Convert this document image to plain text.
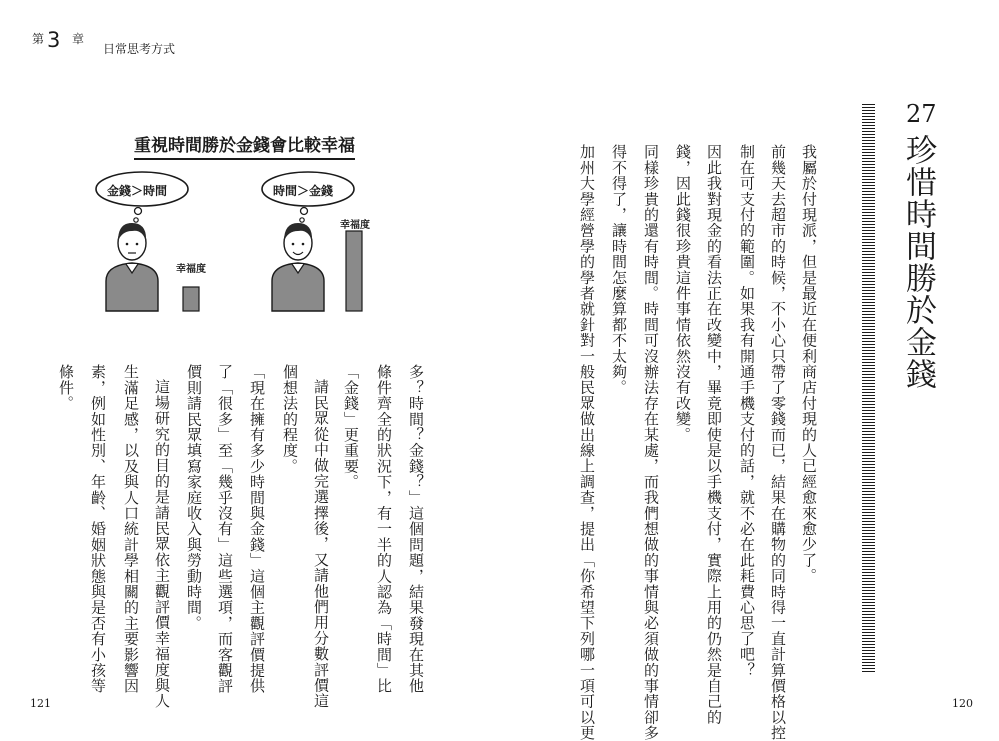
第 3 章
日常思考方式
27
珍惜時間勝於金錢
我屬於付現派，但是最近在便利商店付現的人已經愈來愈少了。
前幾天去超市的時候，不小心只帶了零錢而已，結果在購物的同時得一直計算價格以控
制在可支付的範圍。如果我有開通手機支付的話，就不必在此耗費心思了吧？
因此我對現金的看法正在改變中，畢竟即使是以手機支付，實際上用的仍然是自己的
錢，因此錢很珍貴這件事情依然沒有改變。
同樣珍貴的還有時間。時間可沒辦法存在某處，而我們想做的事情與必須做的事情卻多
得不得了，讓時間怎麼算都不太夠。
加州大學經營學的學者就針對一般民眾做出線上調查，提出「你希望下列哪一項可以更
多？時間？金錢？」這個問題，結果發現在其他
條件齊全的狀況下，有一半的人認為「時間」比
「金錢」更重要。
請民眾從中做完選擇後，又請他們用分數評價這
個想法的程度。
「現在擁有多少時間與金錢」這個主觀評價提供
了「很多」至「幾乎沒有」這些選項，而客觀評
價則請民眾填寫家庭收入與勞動時間。
這場研究的目的是請民眾依主觀評價幸福度與人
生滿足感，以及與人口統計學相關的主要影響因
素，例如性別、年齡、婚姻狀態與是否有小孩等
條件。
重視時間勝於金錢會比較幸福
金錢＞時間	時間＞金錢
幸福度
幸福度
121	120
